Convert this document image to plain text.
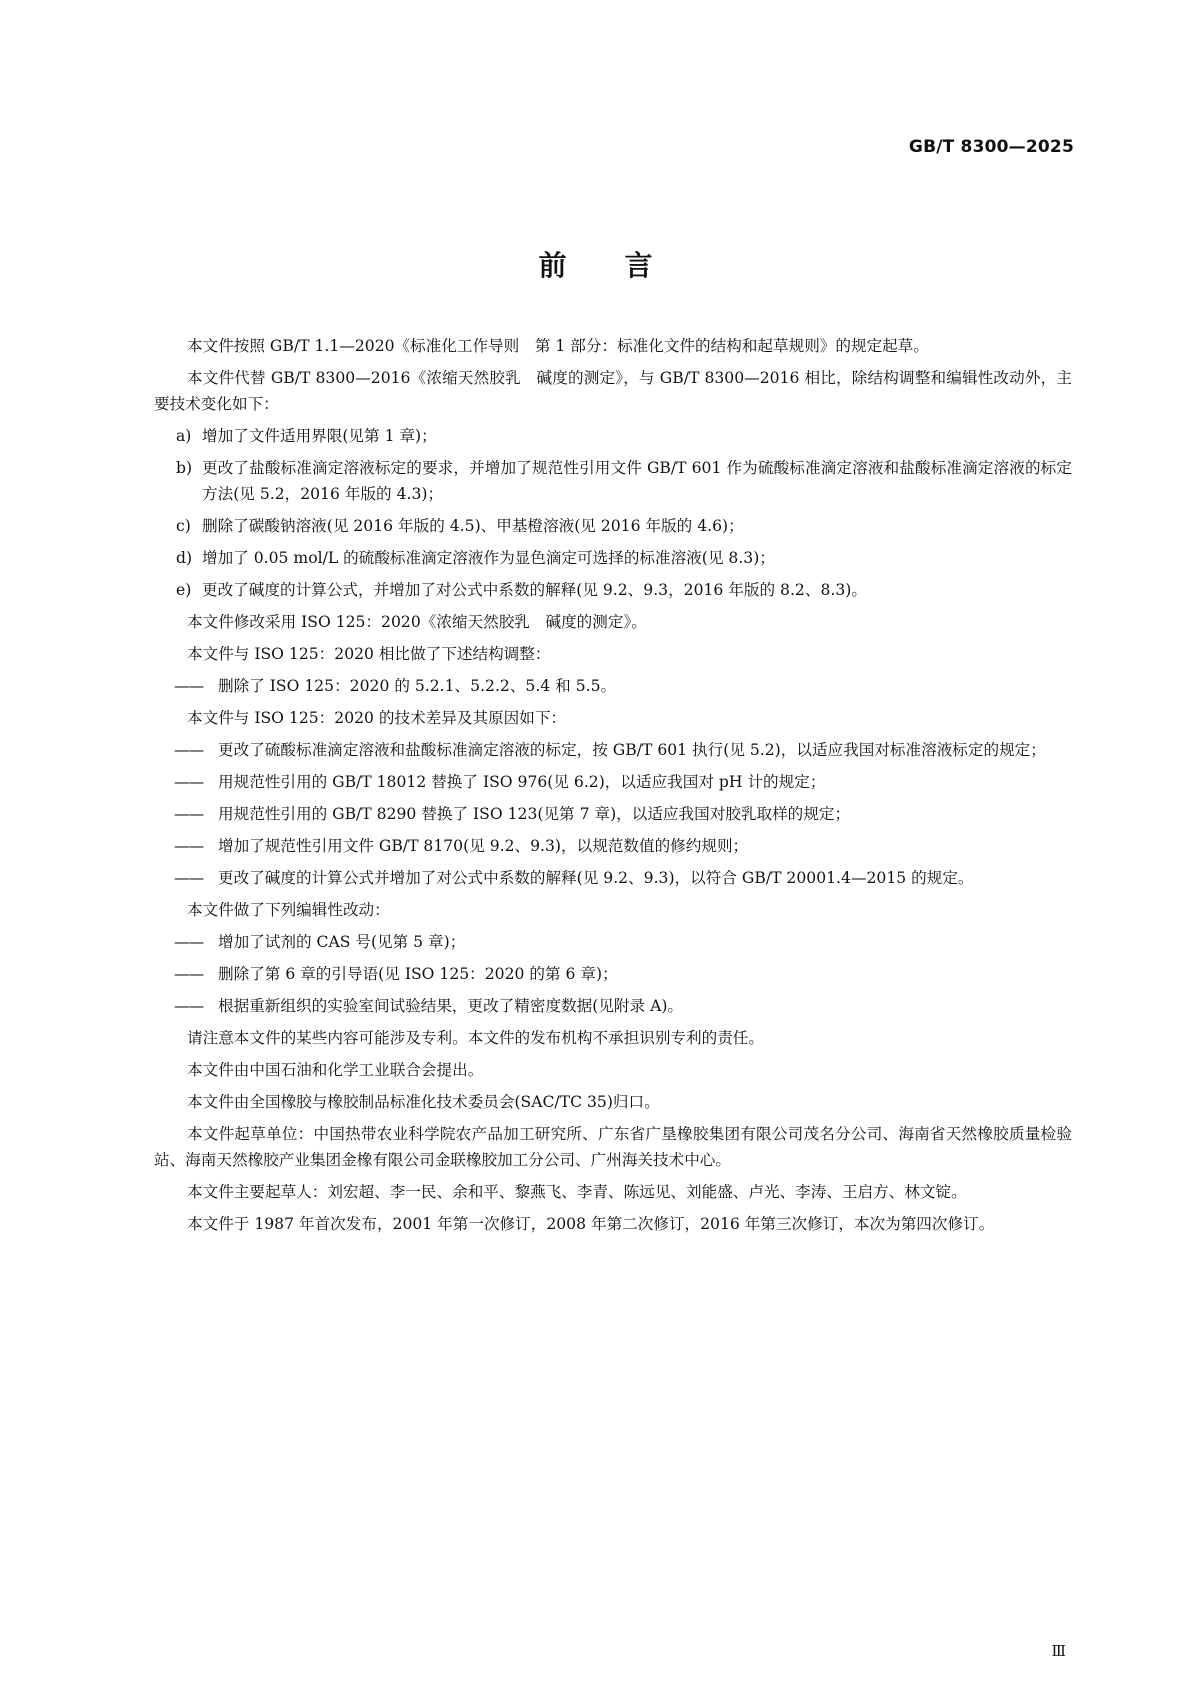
GB/T 8300—2025
前言
本文件按照 GB/T 1.1—2020《标准化工作导则　第 1 部分：标准化文件的结构和起草规则》的规定起草。
本文件代替 GB/T 8300—2016《浓缩天然胶乳　碱度的测定》，与 GB/T 8300—2016 相比，除结构调整和编辑性改动外，主要技术变化如下：
a) 增加了文件适用界限(见第 1 章)；
b) 更改了盐酸标准滴定溶液标定的要求，并增加了规范性引用文件 GB/T 601 作为硫酸标准滴定溶液和盐酸标准滴定溶液的标定方法(见 5.2，2016 年版的 4.3)；
c) 删除了碳酸钠溶液(见 2016 年版的 4.5)、甲基橙溶液(见 2016 年版的 4.6)；
d) 增加了 0.05 mol/L 的硫酸标准滴定溶液作为显色滴定可选择的标准溶液(见 8.3)；
e) 更改了碱度的计算公式，并增加了对公式中系数的解释(见 9.2、9.3，2016 年版的 8.2、8.3)。
本文件修改采用 ISO 125：2020《浓缩天然胶乳　碱度的测定》。
本文件与 ISO 125：2020 相比做了下述结构调整：
—— 删除了 ISO 125：2020 的 5.2.1、5.2.2、5.4 和 5.5。
本文件与 ISO 125：2020 的技术差异及其原因如下：
—— 更改了硫酸标准滴定溶液和盐酸标准滴定溶液的标定，按 GB/T 601 执行(见 5.2)，以适应我国对标准溶液标定的规定；
—— 用规范性引用的 GB/T 18012 替换了 ISO 976(见 6.2)，以适应我国对 pH 计的规定；
—— 用规范性引用的 GB/T 8290 替换了 ISO 123(见第 7 章)，以适应我国对胶乳取样的规定；
—— 增加了规范性引用文件 GB/T 8170(见 9.2、9.3)，以规范数值的修约规则；
—— 更改了碱度的计算公式并增加了对公式中系数的解释(见 9.2、9.3)，以符合 GB/T 20001.4—2015 的规定。
本文件做了下列编辑性改动：
—— 增加了试剂的 CAS 号(见第 5 章)；
—— 删除了第 6 章的引导语(见 ISO 125：2020 的第 6 章)；
—— 根据重新组织的实验室间试验结果，更改了精密度数据(见附录 A)。
请注意本文件的某些内容可能涉及专利。本文件的发布机构不承担识别专利的责任。
本文件由中国石油和化学工业联合会提出。
本文件由全国橡胶与橡胶制品标准化技术委员会(SAC/TC 35)归口。
本文件起草单位：中国热带农业科学院农产品加工研究所、广东省广垦橡胶集团有限公司茂名分公司、海南省天然橡胶质量检验站、海南天然橡胶产业集团金橡有限公司金联橡胶加工分公司、广州海关技术中心。
本文件主要起草人：刘宏超、李一民、余和平、黎燕飞、李青、陈远见、刘能盛、卢光、李涛、王启方、林文锭。
本文件于 1987 年首次发布，2001 年第一次修订，2008 年第二次修订，2016 年第三次修订，本次为第四次修订。
Ⅲ
